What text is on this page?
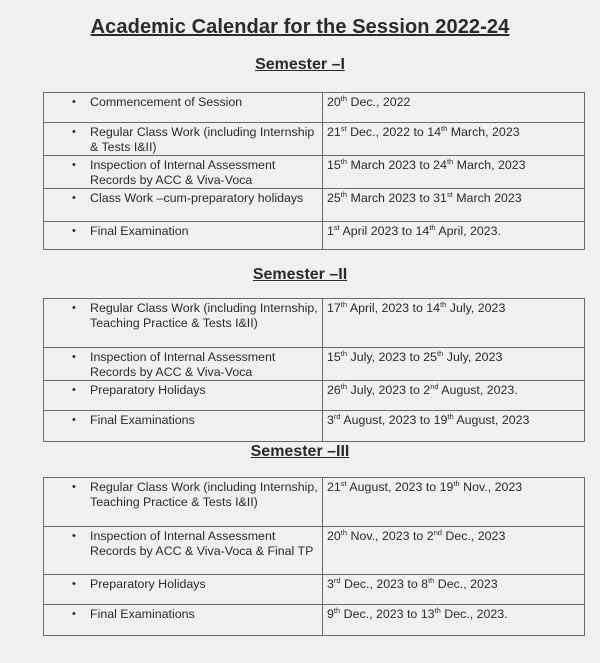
Academic Calendar for the Session 2022-24
Semester –I
• Commencement of Session	20th Dec., 2022

• Regular Class Work (including Internship & Tests I&II)	21st Dec., 2022 to 14th March, 2023

• Inspection of Internal Assessment Records by ACC & Viva-Voca	15th March 2023 to 24th March, 2023

• Class Work –cum-preparatory holidays	25th March 2023 to 31st March 2023

• Final Examination	1st April 2023 to 14th April, 2023.
Semester –II
• Regular Class Work (including Internship, Teaching Practice & Tests I&II)	17th April, 2023 to 14th July, 2023

• Inspection of Internal Assessment Records by ACC & Viva-Voca	15th July, 2023 to 25th July, 2023

• Preparatory Holidays	26th July, 2023 to 2nd August, 2023.

• Final Examinations	3rd August, 2023 to 19th August, 2023
Semester –III
• Regular Class Work (including Internship, Teaching Practice & Tests I&II)	21st August, 2023 to 19th Nov., 2023

• Inspection of Internal Assessment Records by ACC & Viva-Voca & Final TP	20th Nov., 2023 to 2nd Dec., 2023

• Preparatory Holidays	3rd Dec., 2023 to 8th Dec., 2023

• Final Examinations	9th Dec., 2023 to 13th Dec., 2023.
